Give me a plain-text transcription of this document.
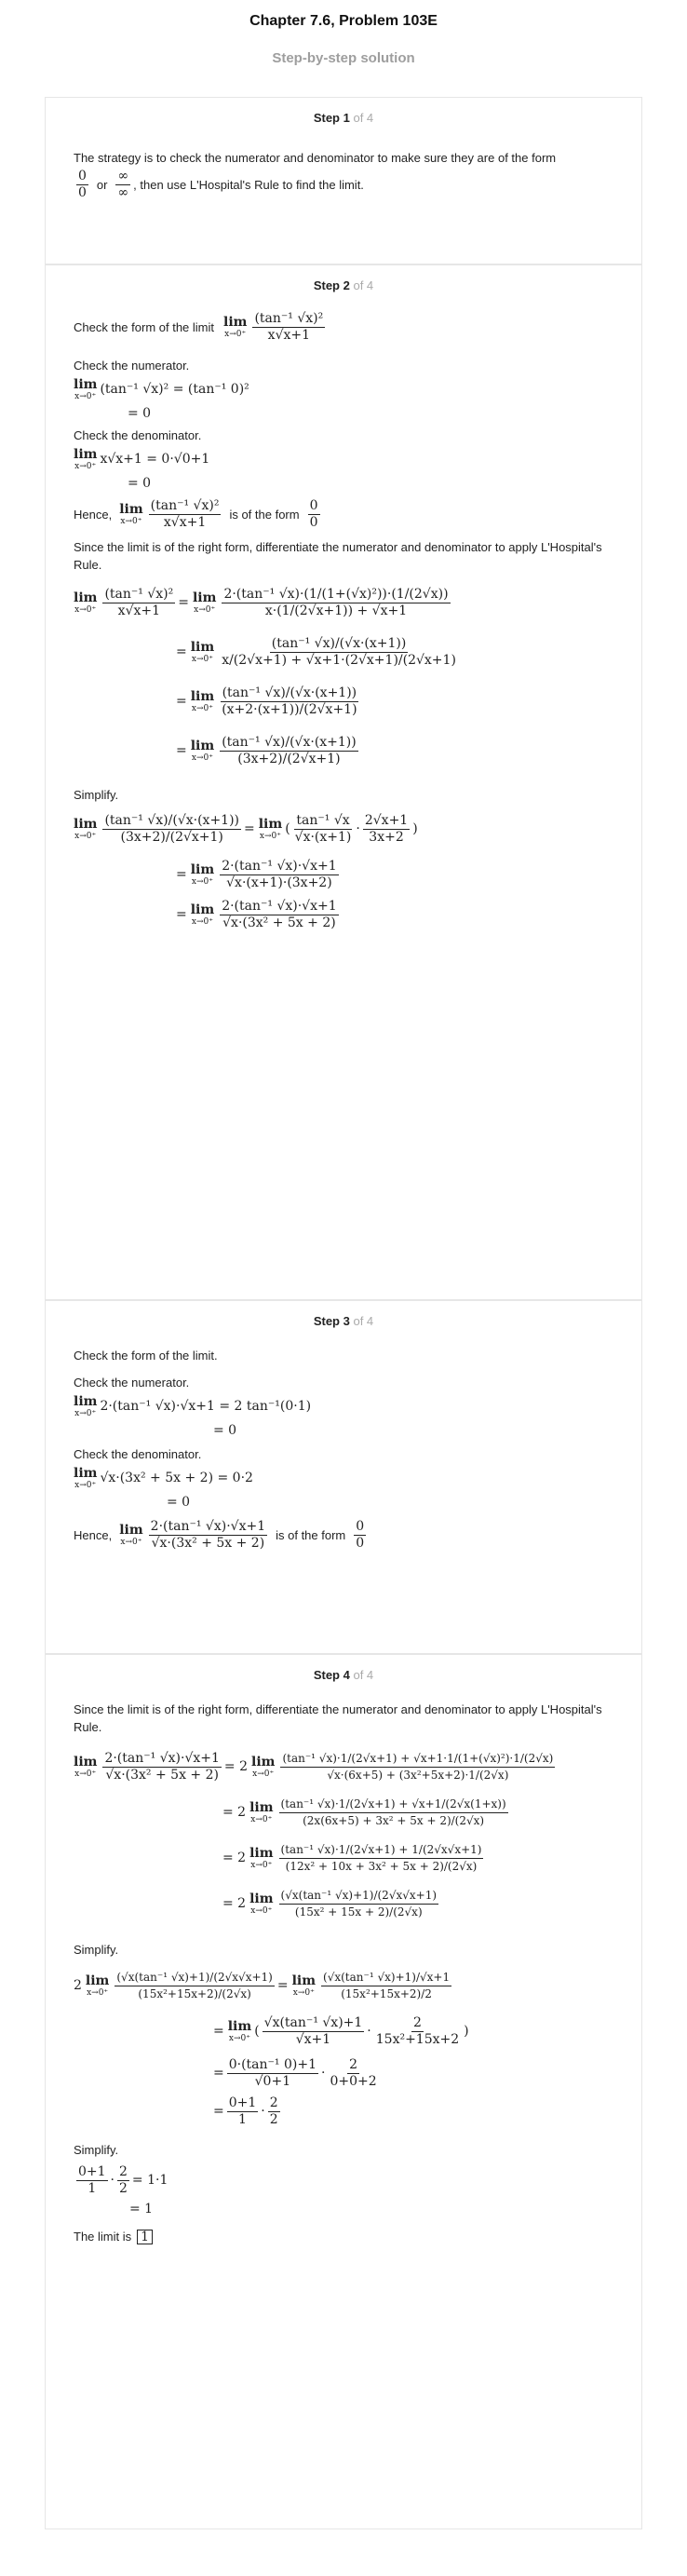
Chapter 7.6, Problem 103E
Step-by-step solution
Step 1 of 4

The strategy is to check the numerator and denominator to make sure they are of the form

$\frac{0}{0}$ or $\frac{\infty}{\infty}$ , then use L'Hospital's Rule to find the limit.
Step 2 of 4
Check the form of the limit lim
$x\to 0^+ \frac{\text{(tan⁻¹ √x)²}}{x√x+1}$

Check the numerator.

lim
x→0⁺ (tan⁻¹ √x)² = (tan⁻¹ 0)²
= 0

Check the denominator.

lim
x→0⁺ x√x+1 = 0·√0+1
= 0
Hence, lim
$x\to 0^+ \frac{\text{(tan⁻¹ √x)²}}{x√x+1}$ is of the form $\frac{0}{0}$

Since the limit is of the right form, differentiate the numerator and denominator to apply L'Hospital's Rule.

lim
$x\to 0^+ \frac{\text{(tan⁻¹ √x)²}}{x√x+1} = \lim$
$x\to 0^+ \frac{\text{2·(tan⁻¹ √x)·(1/(1+(√x)²))·(1/(2√x))}}{x\cdot(1/(2√x+1)) + √x+1}$
= lim
$x\to 0^+ \frac{\text{(tan⁻¹ √x)/(√x·(x+1))}}{x/(2√x+1) + √x+1\cdot(2√x+1)/(2√x+1)}$
= lim
$x\to 0^+ \frac{\text{(tan⁻¹ √x)/(√x·(x+1))}}{(x+2\cdot(x+1))/(2√x+1)}$
= lim
$x\to 0^+ \frac{\text{(tan⁻¹ √x)/(√x·(x+1))}}{(3x+2)/(2√x+1)}$

Simplify.

lim
$x\to 0^+ \frac{\text{(tan⁻¹ √x)/(√x·(x+1))}}{(3x+2)/(2√x+1)} = \lim$
x→0⁺ ( $\frac{\text{tan⁻¹ √x}}{√x\cdot(x+1)} \cdot \frac{2√x+1}{3x+2}$ )
= lim
$x\to 0^+ \frac{\text{2·(tan⁻¹ √x)·√x+1}}{√x\cdot(x+1)\cdot(3x+2)}$
= lim
$x\to 0^+ \frac{\text{2·(tan⁻¹ √x)·√x+1}}{\text{√x·(3x² + 5x + 2)}}$
Step 3 of 4

Check the form of the limit.

Check the numerator.

lim
x→0⁺ 2·(tan⁻¹ √x)·√x+1 = 2 tan⁻¹(0·1)
= 0

Check the denominator.

lim
x→0⁺ √x·(3x² + 5x + 2) = 0·2
= 0
Hence, lim
$x\to 0^+ \frac{\text{2·(tan⁻¹ √x)·√x+1}}{\text{√x·(3x² + 5x + 2)}}$ is of the form $\frac{0}{0}$
Step 4 of 4

Since the limit is of the right form, differentiate the numerator and denominator to apply L'Hospital's Rule.

lim
$x\to 0^+ \frac{\text{2·(tan⁻¹ √x)·√x+1}}{\text{√x·(3x² + 5x + 2)}} = 2$ lim
$x\to 0^+ \frac{\text{(tan⁻¹ √x)·1/(2√x+1) + √x+1·1/(1+(√x)²)·1/(2√x)}}{\text{√x·(6x+5) + (3x²+5x+2)·1/(2√x)}}$
= 2 lim
$x\to 0^+ \frac{\text{(tan⁻¹ √x)·1/(2√x+1) + √x+1/(2√x(1+x))}}{\text{(2x(6x+5) + 3x² + 5x + 2)/(2√x)}}$
= 2 lim
$x\to 0^+ \frac{\text{(tan⁻¹ √x)·1/(2√x+1) + 1/(2√x√x+1)}}{\text{(12x² + 10x + 3x² + 5x + 2)/(2√x)}}$
= 2 lim
$x\to 0^+ \frac{\text{(√x(tan⁻¹ √x)+1)/(2√x√x+1)}}{\text{(15x² + 15x + 2)/(2√x)}}$

Simplify.

2 lim
$x\to 0^+ \frac{\text{(√x(tan⁻¹ √x)+1)/(2√x√x+1)}}{\text{(15x²+15x+2)/(2√x)}} = \lim$
$x\to 0^+ \frac{\text{(√x(tan⁻¹ √x)+1)/√x+1}}{\text{(15x²+15x+2)/2}}$
= lim
x→0⁺ ( $\frac{\text{√x(tan⁻¹ √x)+1}}{√x+1} \cdot \frac{2}{\text{15x²+15x+2}}$ )
= $\frac{\text{0·(tan⁻¹ 0)+1}}{√0+1} \cdot \frac{2}{0+0+2}$
= $\frac{0+1}{1} \cdot \frac{2}{2}$

Simplify.

$\frac{0+1}{1} \cdot \frac{2}{2} = 1\cdot 1$
= 1
The limit is 1
